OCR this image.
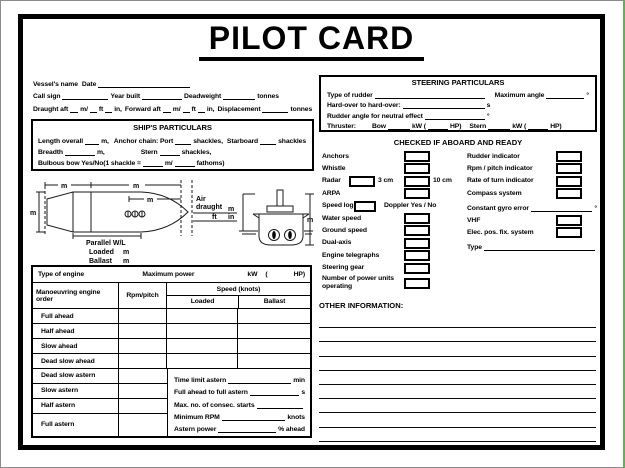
PILOT CARD
Vessel's name Date
Call sign	Year built	Deadweight	tonnes
Draught aft m/ ft in, Forward aft m/ ft in, Displacement	tonnes
SHIP'S PARTICULARS
Length overall	m, Anchor chain: Port	shackles, Starboard	shackles
Breadth	m,	Stern	shackles,
Bulbous bow Yes/No (1 shackle =	m/	fathoms)
m	m
m
m
Parallel W/L
Loaded m
Ballast m
Air
draught m
ft in	m
Type of engine	Maximum power	kW (	HP)
Manoeuvring engine order	Rpm/pitch
Speed (knots)
Loaded	Ballast
Full ahead
Half ahead
Slow ahead
Dead slow ahead
Dead slow astern
Slow astern
Half astern
Full astern
Time limit astern	min
Full ahead to full astern	s
Max. no. of consec. starts
Minimum RPM	knots
Astern power	% ahead
STEERING PARTICULARS
Type of rudder	Maximum angle	°
Hard-over to hard-over:	s
Rudder angle for neutral effect	°
Thruster: Bow	kW (	HP) Stern	kW (	HP)
CHECKED IF ABOARD AND READY
Anchors
Whistle
Radar	3 cm	10 cm
ARPA
Speed log	Doppler Yes / No
Water speed
Ground speed
Dual-axis
Engine telegraphs
Steering gear
Number of power units operating
Rudder indicator
Rpm / pitch indicator
Rate of turn indicator
Compass system
Constant gyro error	°
VHF
Elec. pos. fix. system
Type
OTHER INFORMATION:
